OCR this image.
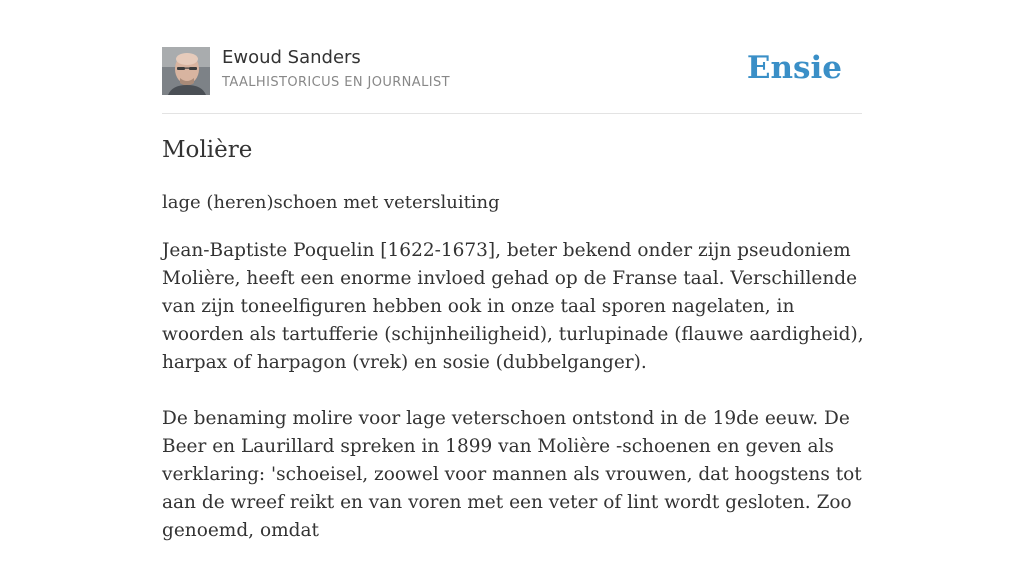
Ewoud Sanders
TAALHISTORICUS EN JOURNALIST	Ensie
Molière

lage (heren)schoen met vetersluiting

Jean-Baptiste Poquelin [1622-1673], beter bekend onder zijn pseudoniem Molière, heeft een enorme invloed gehad op de Franse taal. Verschillende van zijn toneelfiguren hebben ook in onze taal sporen nagelaten, in woorden als tartufferie (schijnheiligheid), turlupinade (flauwe aardigheid), harpax of harpagon (vrek) en sosie (dubbelganger).

De benaming molire voor lage veterschoen ontstond in de 19de eeuw. De Beer en Laurillard spreken in 1899 van Molière -schoenen en geven als verklaring: 'schoeisel, zoowel voor mannen als vrouwen, dat hoogstens tot aan de wreef reikt en van voren met een veter of lint wordt gesloten. Zoo genoemd, omdat
